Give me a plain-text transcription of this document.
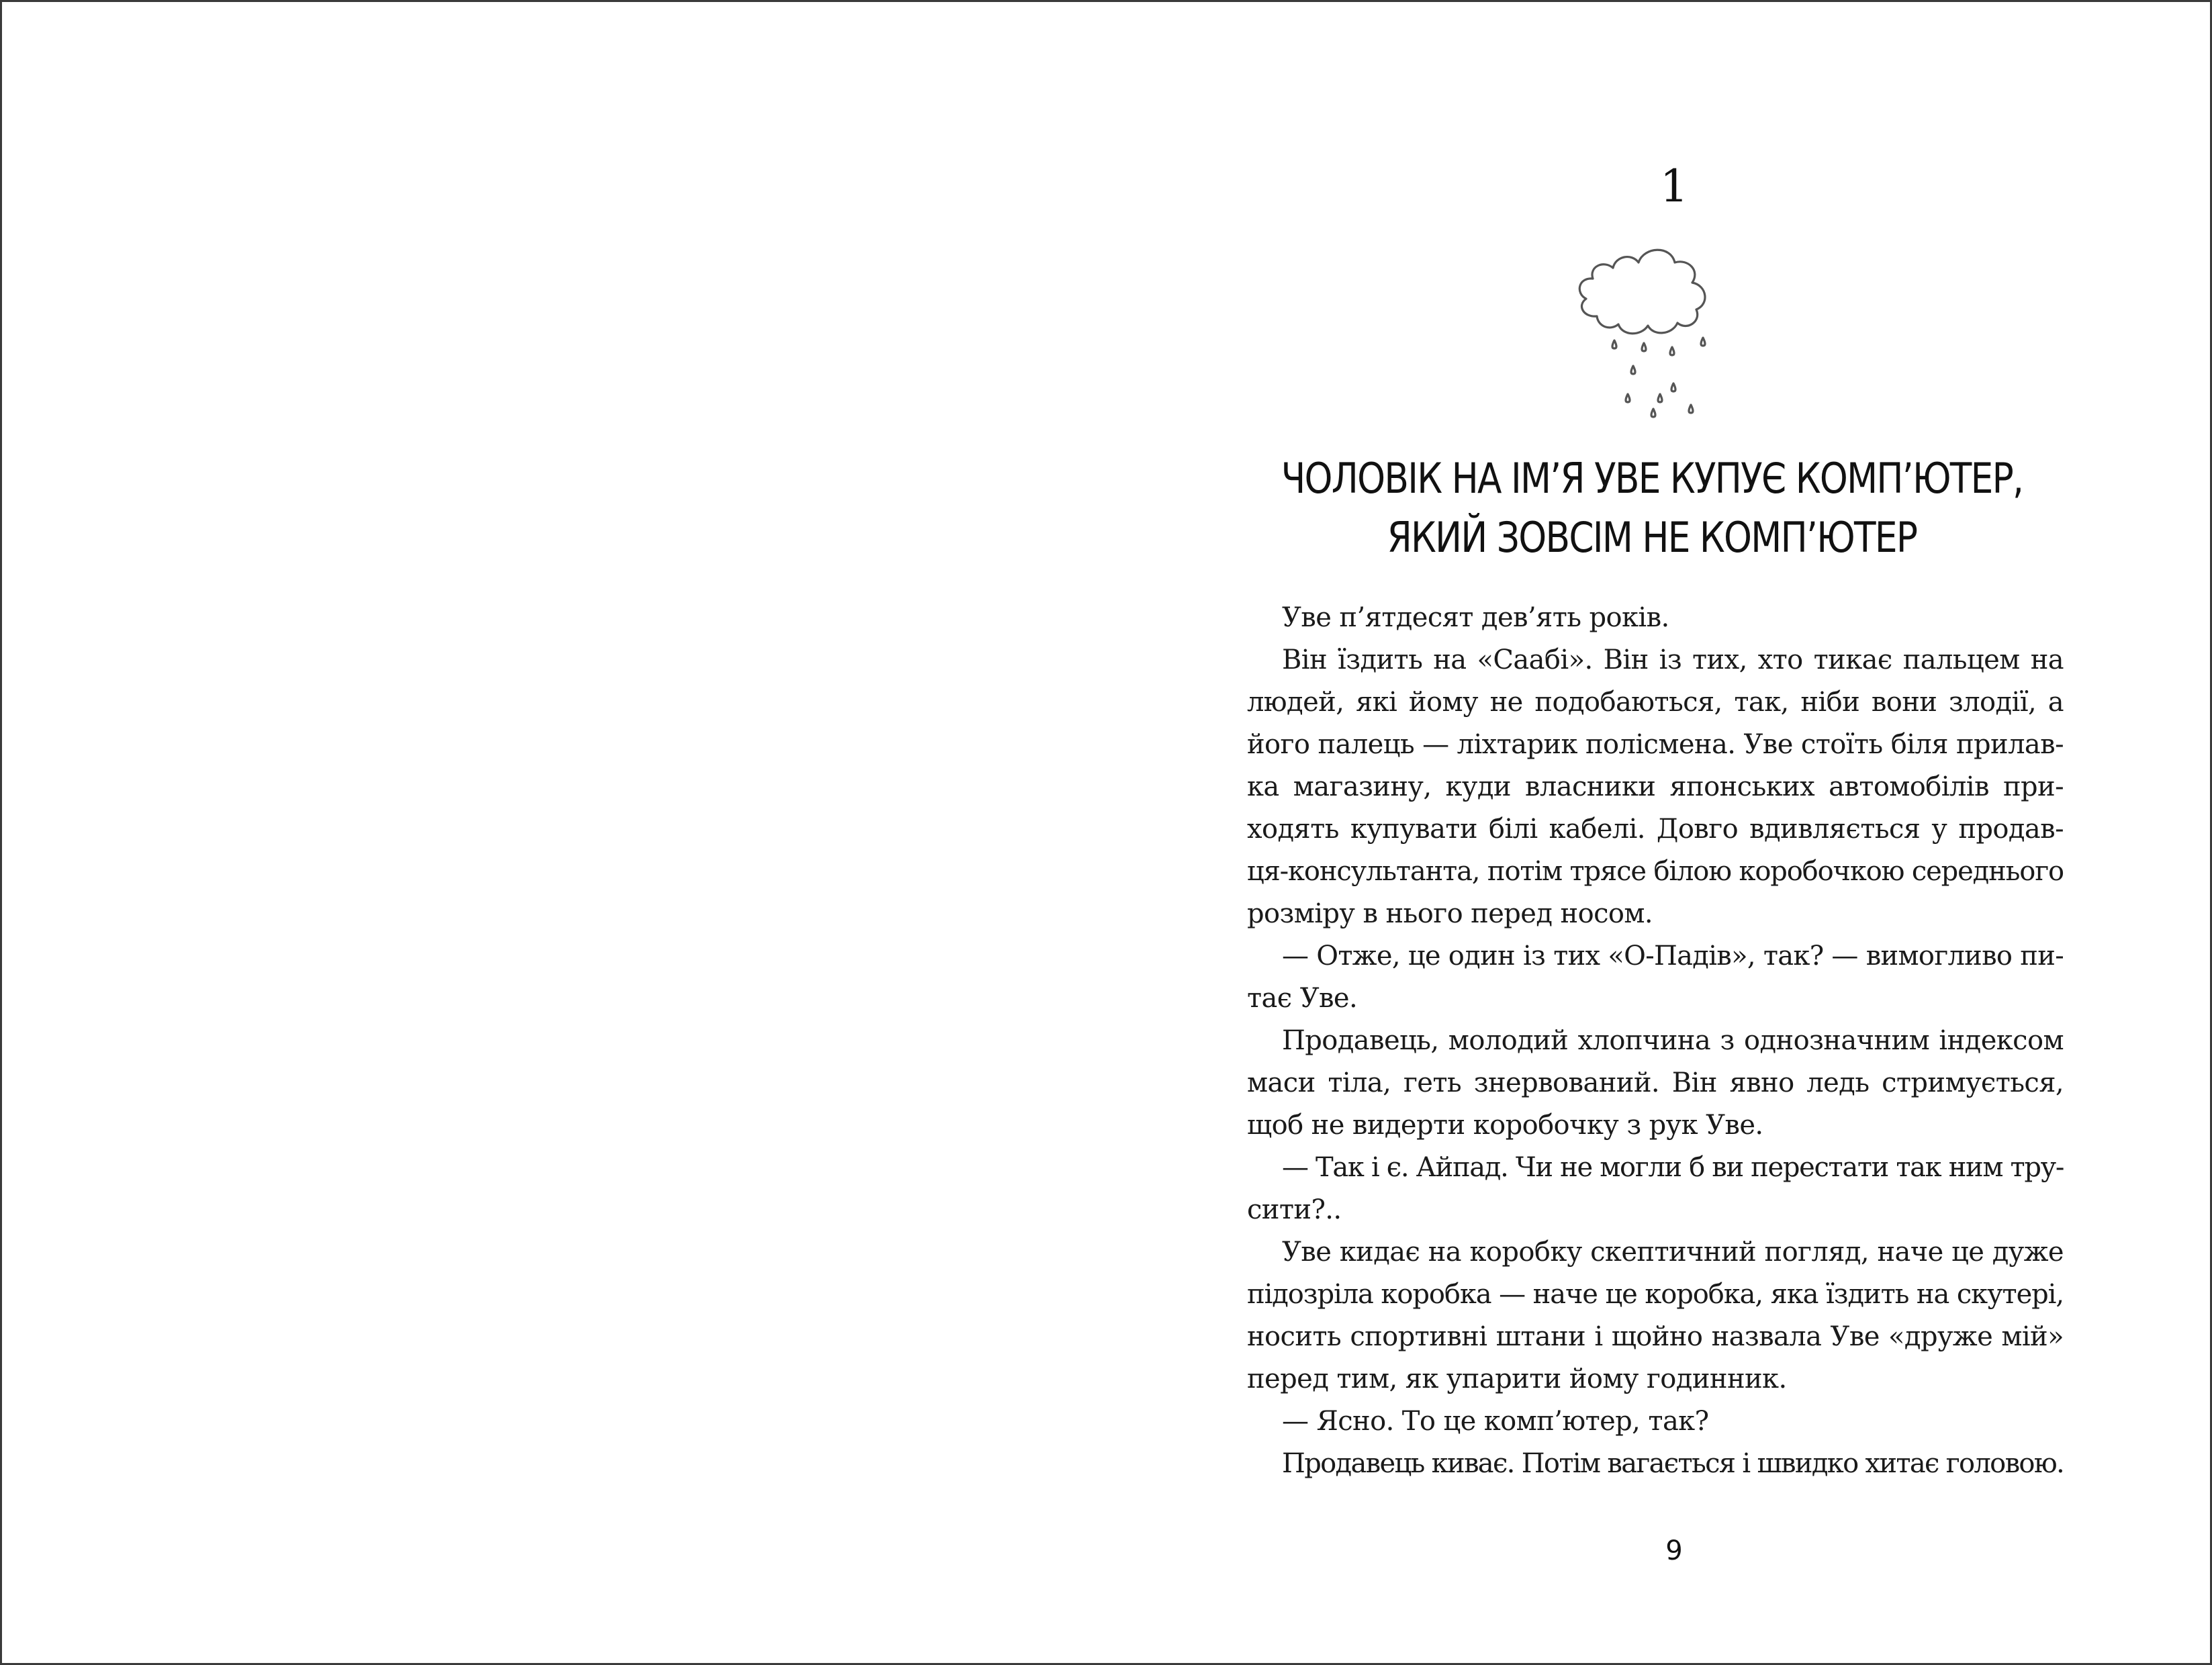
1
ЧОЛОВІК НА ІМ’Я УВЕ КУПУЄ КОМП’ЮТЕР,
ЯКИЙ ЗОВСІМ НЕ КОМП’ЮТЕР
Уве п’ятдесят дев’ять років.
Він їздить на «Саабі». Він із тих, хто тикає пальцем на
людей, які йому не подобаються, так, ніби вони злодії, а
його палець — ліхтарик полісмена. Уве стоїть біля прилав-
ка магазину, куди власники японських автомобілів при-
ходять купувати білі кабелі. Довго вдивляється у продав-
ця-консультанта, потім трясе білою коробочкою середнього
розміру в нього перед носом.
— Отже, це один із тих «О-Падів», так? — вимогливо пи-
тає Уве.
Продавець, молодий хлопчина з однозначним індексом
маси тіла, геть знервований. Він явно ледь стримується,
щоб не видерти коробочку з рук Уве.
— Так і є. Айпад. Чи не могли б ви перестати так ним тру-
сити?..
Уве кидає на коробку скептичний погляд, наче це дуже
підозріла коробка — наче це коробка, яка їздить на скутері,
носить спортивні штани і щойно назвала Уве «друже мій»
перед тим, як упарити йому годинник.
— Ясно. То це комп’ютер, так?
Продавець киває. Потім вагається і швидко хитає головою.
9
